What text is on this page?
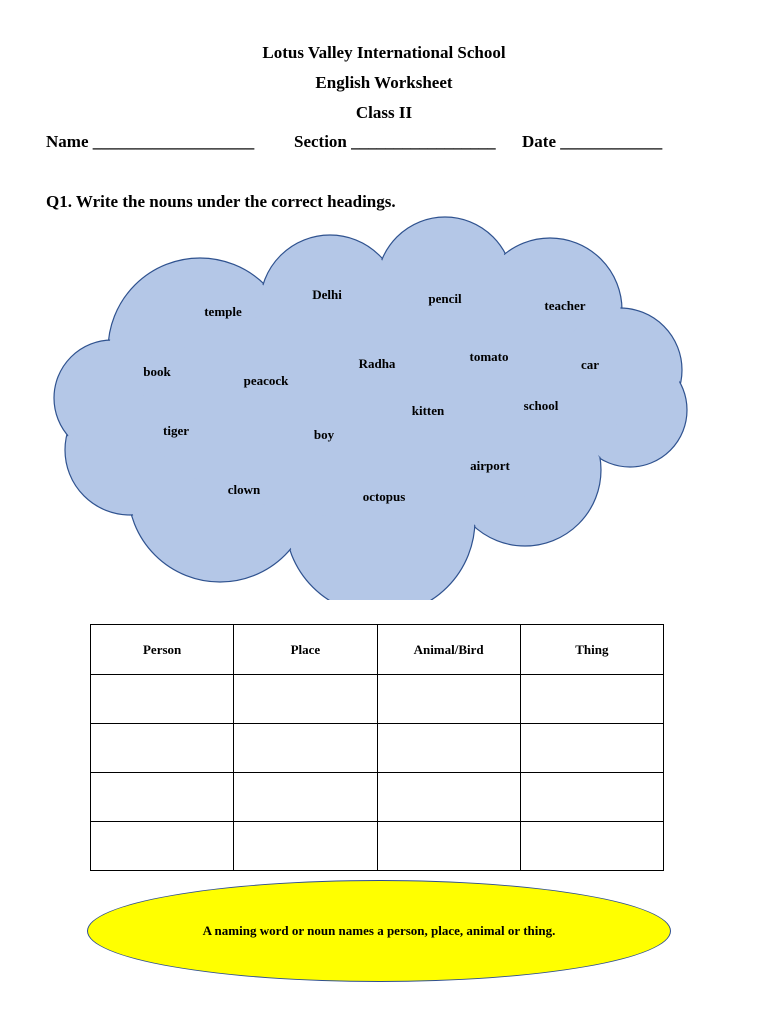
Lotus Valley International School
English Worksheet
Class II

Name ___________________

Section _________________

Date ____________

Q1. Write the nouns under the correct headings.
Delhi	pencil
temple	teacher
book
Radha	tomato
car
peacock
kitten	school
tiger	boy
airport
clown	octopus
Person	Place	Animal/Bird	Thing

A naming word or noun names a person, place, animal or thing.
